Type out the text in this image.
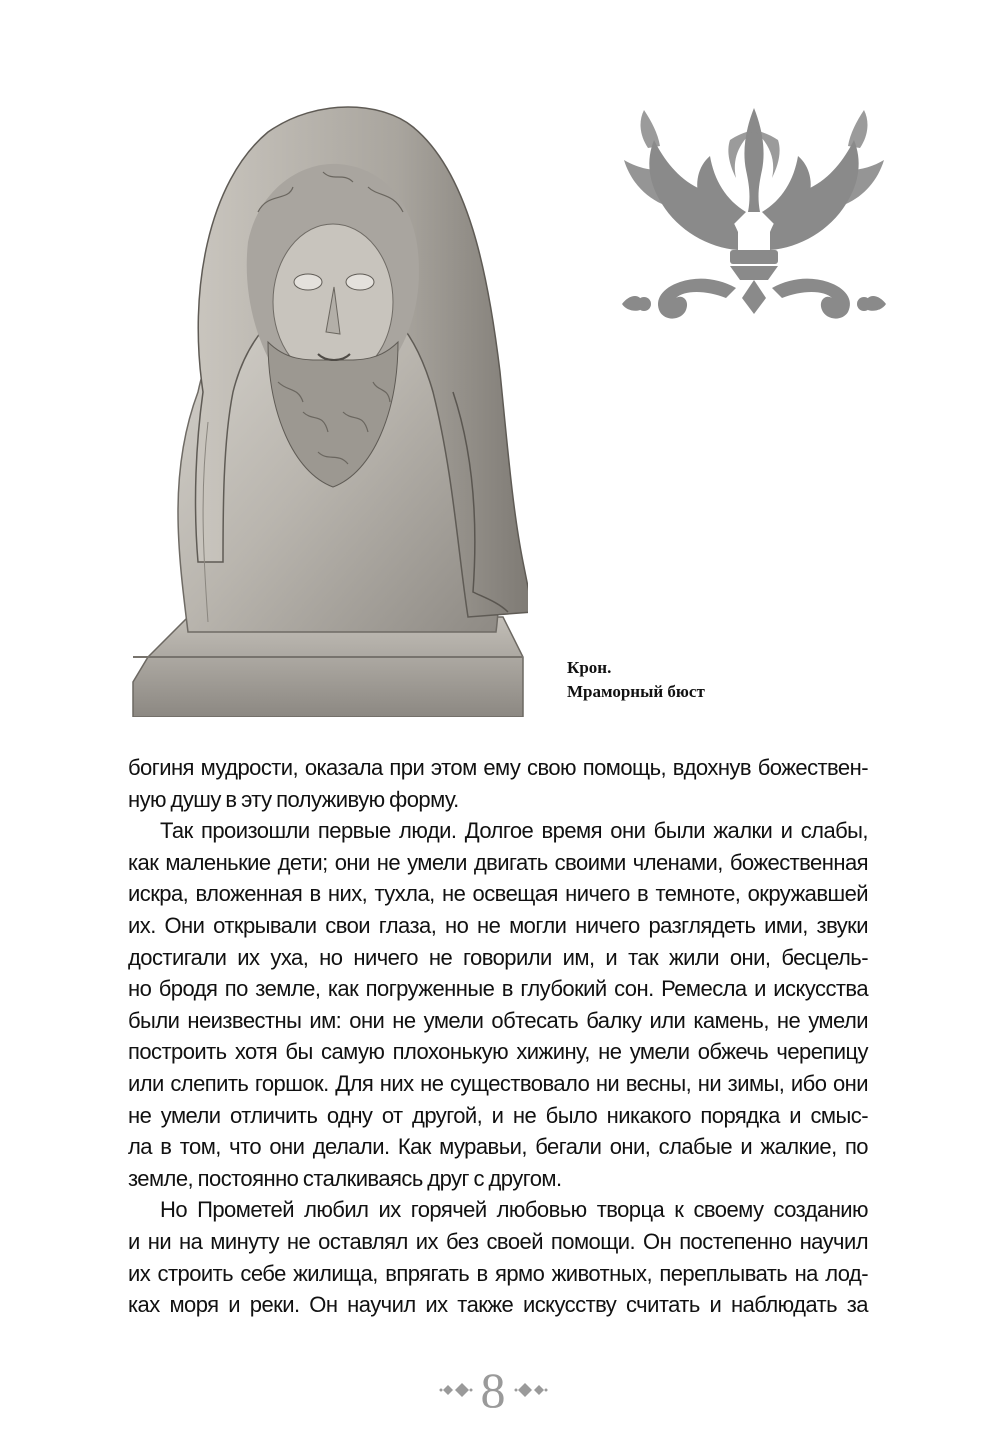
Крон.
Мраморный бюст
богиня мудрости, оказала при этом ему свою помощь, вдохнув божествен-
ную душу в эту полуживую форму.
Так произошли первые люди. Долгое время они были жалки и слабы,
как маленькие дети; они не умели двигать своими членами, божественная
искра, вложенная в них, тухла, не освещая ничего в темноте, окружавшей
их. Они открывали свои глаза, но не могли ничего разглядеть ими, звуки
достигали их уха, но ничего не говорили им, и так жили они, бесцель-
но бродя по земле, как погруженные в глубокий сон. Ремесла и искусства
были неизвестны им: они не умели обтесать балку или камень, не умели
построить хотя бы самую плохонькую хижину, не умели обжечь черепицу
или слепить горшок. Для них не существовало ни весны, ни зимы, ибо они
не умели отличить одну от другой, и не было никакого порядка и смыс-
ла в том, что они делали. Как муравьи, бегали они, слабые и жалкие, по
земле, постоянно сталкиваясь друг с другом.
Но Прометей любил их горячей любовью творца к своему созданию
и ни на минуту не оставлял их без своей помощи. Он постепенно научил
их строить себе жилища, впрягать в ярмо животных, переплывать на лод-
ках моря и реки. Он научил их также искусству считать и наблюдать за
8
